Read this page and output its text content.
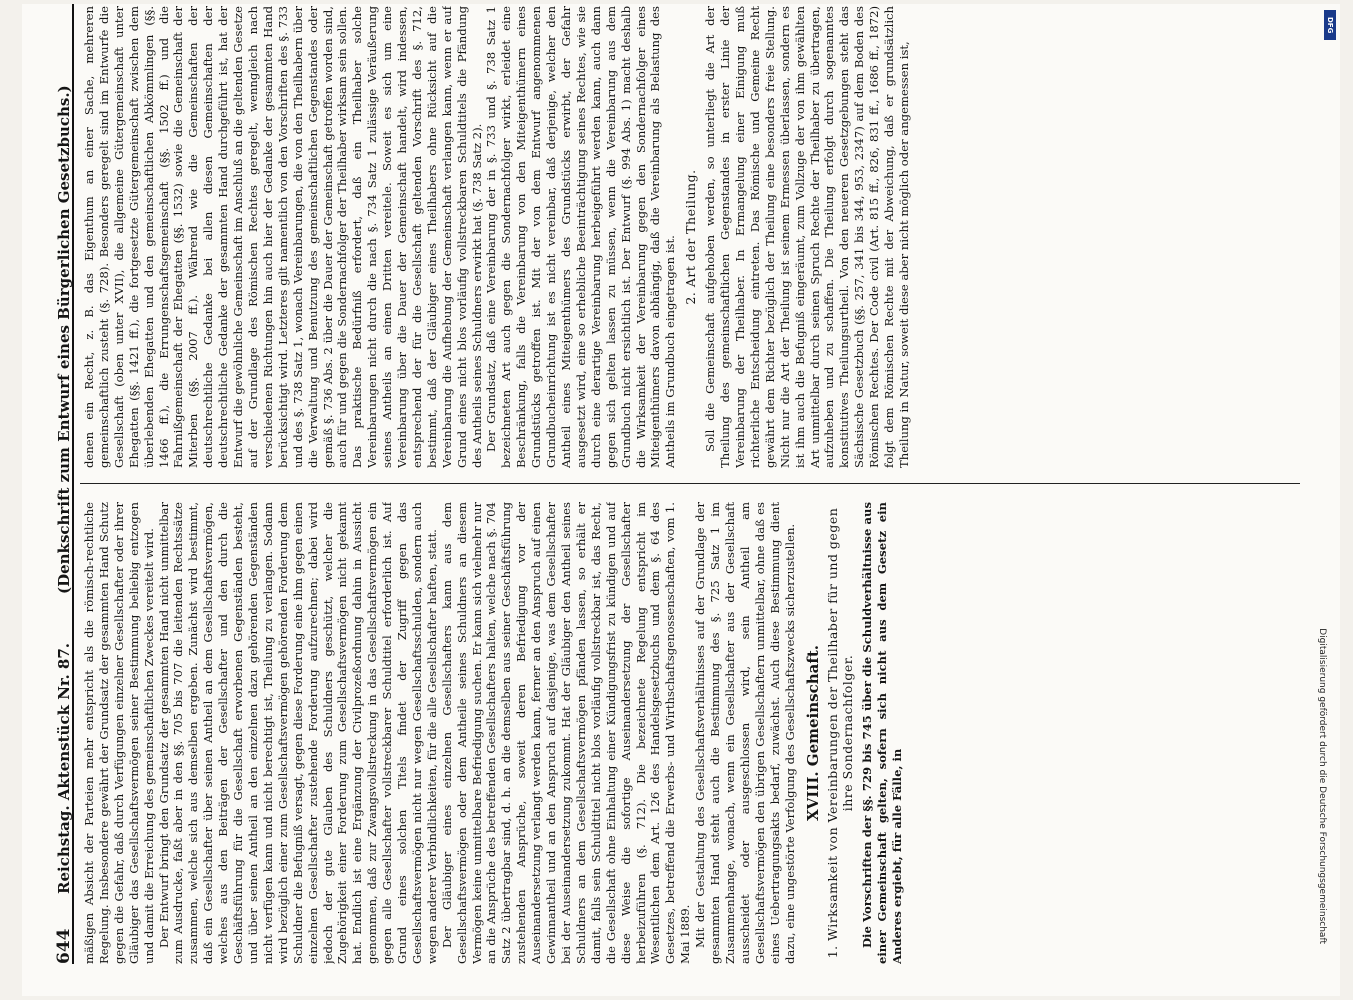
644
Reichstag. Aktenstück Nr. 87.
(Denkschrift zum Entwurf eines Bürgerlichen Gesetzbuchs.)

mäßigen Absicht der Parteien mehr entspricht als die römisch-rechtliche Regelung. Insbesondere gewährt der Grundsatz der gesammten Hand Schutz gegen die Gefahr, daß durch Verfügungen einzelner Gesellschafter oder ihrer Gläubiger das Gesellschaftsvermögen seiner Bestimmung beliebig entzogen und damit die Erreichung des gemeinschaftlichen Zweckes vereitelt wird. Der Entwurf bringt den Grundsatz der gesammten Hand nicht unmittelbar zum Ausdrucke, faßt aber in den §§. 705 bis 707 die leitenden Rechtssätze zusammen, welche sich aus demselben ergeben. Zunächst wird bestimmt, daß ein Gesellschafter über seinen Antheil an dem Gesellschaftsvermögen, welches aus den Beiträgen der Gesellschafter und den durch die Geschäftsführung für die Gesellschaft erworbenen Gegenständen besteht, und über seinen Antheil an den einzelnen dazu gehörenden Gegenständen nicht verfügen kann und nicht berechtigt ist, Theilung zu verlangen. Sodann wird bezüglich einer zum Gesellschaftsvermögen gehörenden Forderung dem Schuldner die Befugniß versagt, gegen diese Forderung eine ihm gegen einen einzelnen Gesellschafter zustehende Forderung aufzurechnen; dabei wird jedoch der gute Glauben des Schuldners geschützt, welcher die Zugehörigkeit einer Forderung zum Gesellschaftsvermögen nicht gekannt hat. Endlich ist eine Ergänzung der Civilprozeßordnung dahin in Aussicht genommen, daß zur Zwangsvollstreckung in das Gesellschaftsvermögen ein gegen alle Gesellschafter vollstreckbarer Schuldtitel erforderlich ist. Auf Grund eines solchen Titels findet der Zugriff gegen das Gesellschaftsvermögen nicht nur wegen Gesellschaftsschulden, sondern auch wegen anderer Verbindlichkeiten, für die alle Gesellschafter haften, statt. Der Gläubiger eines einzelnen Gesellschafters kann aus dem Gesellschaftsvermögen oder dem Antheile seines Schuldners an diesem Vermögen keine unmittelbare Befriedigung suchen. Er kann sich vielmehr nur an die Ansprüche des betreffenden Gesellschafters halten, welche nach §. 704 Satz 2 übertragbar sind, d. h. an die demselben aus seiner Geschäftsführung zustehenden Ansprüche, soweit deren Befriedigung vor der Auseinandersetzung verlangt werden kann, ferner an den Anspruch auf einen Gewinnantheil und an den Anspruch auf dasjenige, was dem Gesellschafter bei der Auseinandersetzung zukommt. Hat der Gläubiger den Antheil seines Schuldners an dem Gesellschaftsvermögen pfänden lassen, so erhält er damit, falls sein Schuldtitel nicht blos vorläufig vollstreckbar ist, das Recht, die Gesellschaft ohne Einhaltung einer Kündigungsfrist zu kündigen und auf diese Weise die sofortige Auseinandersetzung der Gesellschafter herbeizuführen (§. 712). Die bezeichnete Regelung entspricht im Wesentlichen dem Art. 126 des Handelsgesetzbuchs und dem §. 64 des Gesetzes, betreffend die Erwerbs- und Wirthschaftsgenossenschaften, vom 1. Mai 1889. Mit der Gestaltung des Gesellschaftsverhältnisses auf der Grundlage der gesammten Hand steht auch die Bestimmung des §. 725 Satz 1 im Zusammenhange, wonach, wenn ein Gesellschafter aus der Gesellschaft ausscheidet oder ausgeschlossen wird, sein Antheil am Gesellschaftsvermögen den übrigen Gesellschaftern unmittelbar, ohne daß es eines Uebertragungsakts bedarf, zuwächst. Auch diese Bestimmung dient dazu, eine ungestörte Verfolgung des Gesellschaftszwecks sicherzustellen. XVIII. Gemeinschaft. 1. Wirksamkeit von Vereinbarungen der Theilhaber für und gegen ihre Sondernachfolger. Die Vorschriften der §§. 729 bis 745 über die Schuldverhältnisse aus einer Gemeinschaft gelten, sofern sich nicht aus dem Gesetz ein Anderes ergiebt, für alle Fälle, in

denen ein Recht, z. B. das Eigenthum an einer Sache, mehreren gemeinschaftlich zusteht (§. 728). Besonders geregelt sind im Entwurfe die Gesellschaft (oben unter XVII), die allgemeine Gütergemeinschaft unter Ehegatten (§§. 1421 ff.), die fortgesetzte Gütergemeinschaft zwischen dem überlebenden Ehegatten und den gemeinschaftlichen Abkömmlingen (§§. 1466 ff.), die Errungenschaftsgemeinschaft (§§. 1502 ff.) und die Fahrnißgemeinschaft der Ehegatten (§§. 1532) sowie die Gemeinschaft der Miterben (§§. 2007 ff.). Während wie die Gemeinschaften der deutschrechtliche Gedanke bei allen diesen Gemeinschaften der deutschrechtliche Gedanke der gesammten Hand durchgeführt ist, hat der Entwurf die gewöhnliche Gemeinschaft im Anschluß an die geltenden Gesetze auf der Grundlage des Römischen Rechtes geregelt, wenngleich nach verschiedenen Richtungen hin auch hier der Gedanke der gesammten Hand berücksichtigt wird. Letzteres gilt namentlich von den Vorschriften des §. 733 und des §. 738 Satz 1, wonach Vereinbarungen, die von den Theilhabern über die Verwaltung und Benutzung des gemeinschaftlichen Gegenstandes oder gemäß §. 736 Abs. 2 über die Dauer der Gemeinschaft getroffen worden sind, auch für und gegen die Sondernachfolger der Theilhaber wirksam sein sollen. Das praktische Bedürfniß erfordert, daß ein Theilhaber solche Vereinbarungen nicht durch die nach §. 734 Satz 1 zulässige Veräußerung seines Antheils an einen Dritten vereitele. Soweit es sich um eine Vereinbarung über die Dauer der Gemeinschaft handelt, wird indessen, entsprechend der für die Gesellschaft geltenden Vorschrift des §. 712, bestimmt, daß der Gläubiger eines Theilhabers ohne Rücksicht auf die Vereinbarung die Aufhebung der Gemeinschaft verlangen kann, wenn er auf Grund eines nicht blos vorläufig vollstreckbaren Schuldtitels die Pfändung des Antheils seines Schuldners erwirkt hat (§. 738 Satz 2). Der Grundsatz, daß eine Vereinbarung der in §. 733 und §. 738 Satz 1 bezeichneten Art auch gegen die Sondernachfolger wirkt, erleidet eine Beschränkung, falls die Vereinbarung von den Miteigenthümern eines Grundstücks getroffen ist. Mit der von dem Entwurf angenommenen Grundbucheinrichtung ist es nicht vereinbar, daß derjenige, welcher den Antheil eines Miteigenthümers des Grundstücks erwirbt, der Gefahr ausgesetzt wird, eine so erhebliche Beeinträchtigung seines Rechtes, wie sie durch eine derartige Vereinbarung herbeigeführt werden kann, auch dann gegen sich gelten lassen zu müssen, wenn die Vereinbarung aus dem Grundbuch nicht ersichtlich ist. Der Entwurf (§. 994 Abs. 1) macht deshalb die Wirksamkeit der Vereinbarung gegen den Sondernachfolger eines Miteigenthümers davon abhängig, daß die Vereinbarung als Belastung des Antheils im Grundbuch eingetragen ist. 2. Art der Theilung. Soll die Gemeinschaft aufgehoben werden, so unterliegt die Art der Theilung des gemeinschaftlichen Gegenstandes in erster Linie der Vereinbarung der Theilhaber. In Ermangelung einer Einigung muß richterliche Entscheidung eintreten. Das Römische und Gemeine Recht gewährt dem Richter bezüglich der Theilung eine besonders freie Stellung. Nicht nur die Art der Theilung ist seinem Ermessen überlassen, sondern es ist ihm auch die Befugniß eingeräumt, zum Vollzuge der von ihm gewählten Art unmittelbar durch seinen Spruch Rechte der Theilhaber zu übertragen, aufzuheben und zu schaffen. Die Theilung erfolgt durch sogenanntes konstitutives Theilungsurtheil. Von den neueren Gesetzgebungen steht das Sächsische Gesetzbuch (§§. 257, 341 bis 344, 953, 2347) auf dem Boden des Römischen Rechtes. Der Code civil (Art. 815 ff., 826, 831 ff., 1686 ff., 1872) folgt dem Römischen Rechte mit der Abweichung, daß er grundsätzlich Theilung in Natur, soweit diese aber nicht möglich oder angemessen ist,

Digitalisierung gefördert durch die Deutsche Forschungsgemeinschaft
DFG
